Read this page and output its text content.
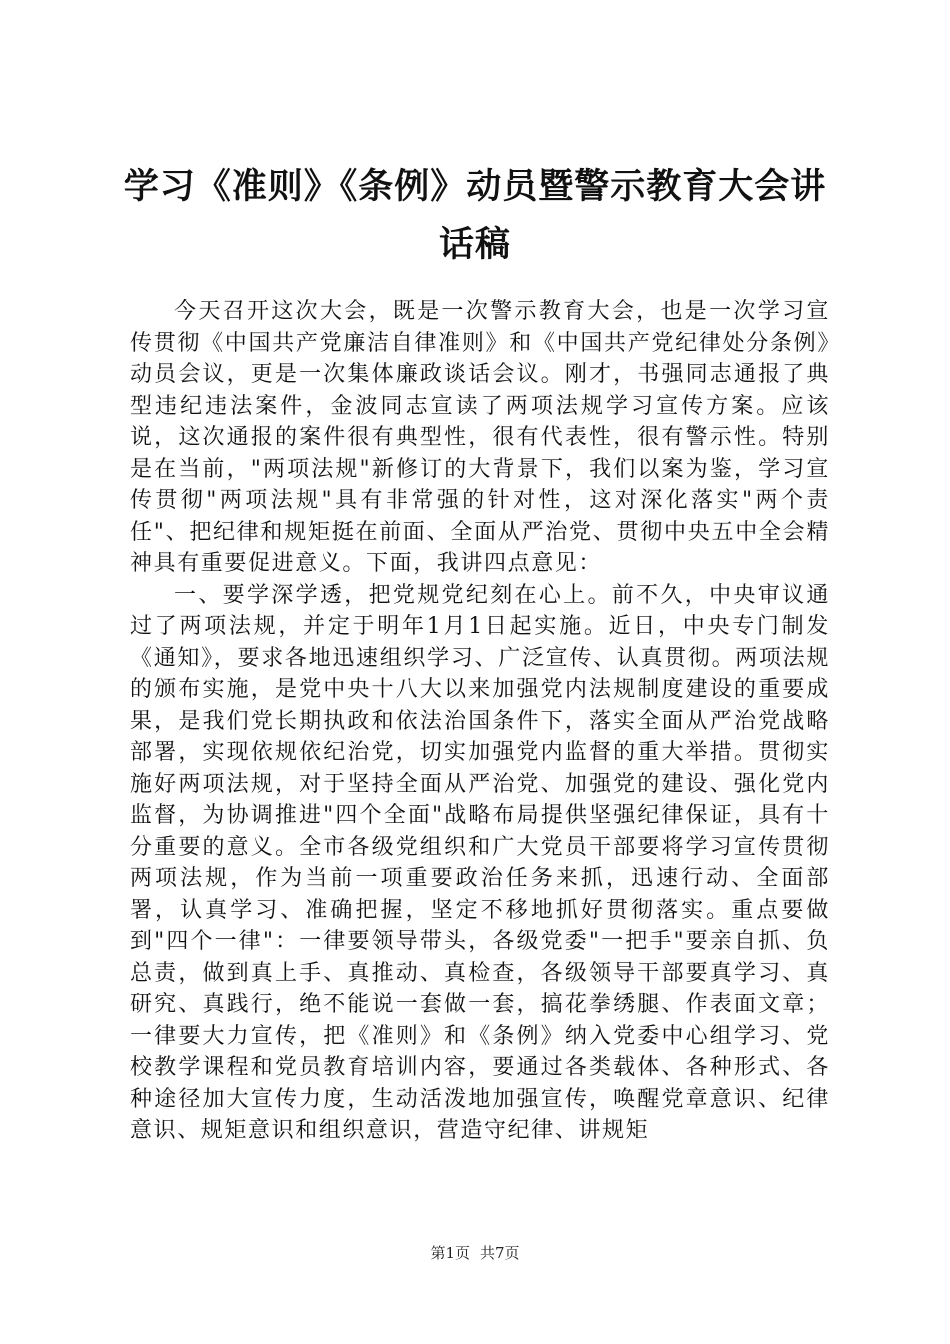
学习《准则》《条例》动员暨警示教育大会讲话稿

今天召开这次大会，既是一次警示教育大会，也是一次学习宣传贯彻《中国共产党廉洁自律准则》和《中国共产党纪律处分条例》动员会议，更是一次集体廉政谈话会议。刚才，书强同志通报了典型违纪违法案件，金波同志宣读了两项法规学习宣传方案。应该说，这次通报的案件很有典型性，很有代表性，很有警示性。特别是在当前，"两项法规"新修订的大背景下，我们以案为鉴，学习宣传贯彻"两项法规"具有非常强的针对性，这对深化落实"两个责任"、把纪律和规矩挺在前面、全面从严治党、贯彻中央五中全会精神具有重要促进意义。下面，我讲四点意见：

一、要学深学透，把党规党纪刻在心上。前不久，中央审议通过了两项法规，并定于明年1月1日起实施。近日，中央专门制发《通知》，要求各地迅速组织学习、广泛宣传、认真贯彻。两项法规的颁布实施，是党中央十八大以来加强党内法规制度建设的重要成果，是我们党长期执政和依法治国条件下，落实全面从严治党战略部署，实现依规依纪治党，切实加强党内监督的重大举措。贯彻实施好两项法规，对于坚持全面从严治党、加强党的建设、强化党内监督，为协调推进"四个全面"战略布局提供坚强纪律保证，具有十分重要的意义。全市各级党组织和广大党员干部要将学习宣传贯彻两项法规，作为当前一项重要政治任务来抓，迅速行动、全面部署，认真学习、准确把握，坚定不移地抓好贯彻落实。重点要做到"四个一律"：一律要领导带头，各级党委"一把手"要亲自抓、负总责，做到真上手、真推动、真检查，各级领导干部要真学习、真研究、真践行，绝不能说一套做一套，搞花拳绣腿、作表面文章；一律要大力宣传，把《准则》和《条例》纳入党委中心组学习、党校教学课程和党员教育培训内容，要通过各类载体、各种形式、各种途径加大宣传力度，生动活泼地加强宣传，唤醒党章意识、纪律意识、规矩意识和组织意识，营造守纪律、讲规矩

第1页 共7页
